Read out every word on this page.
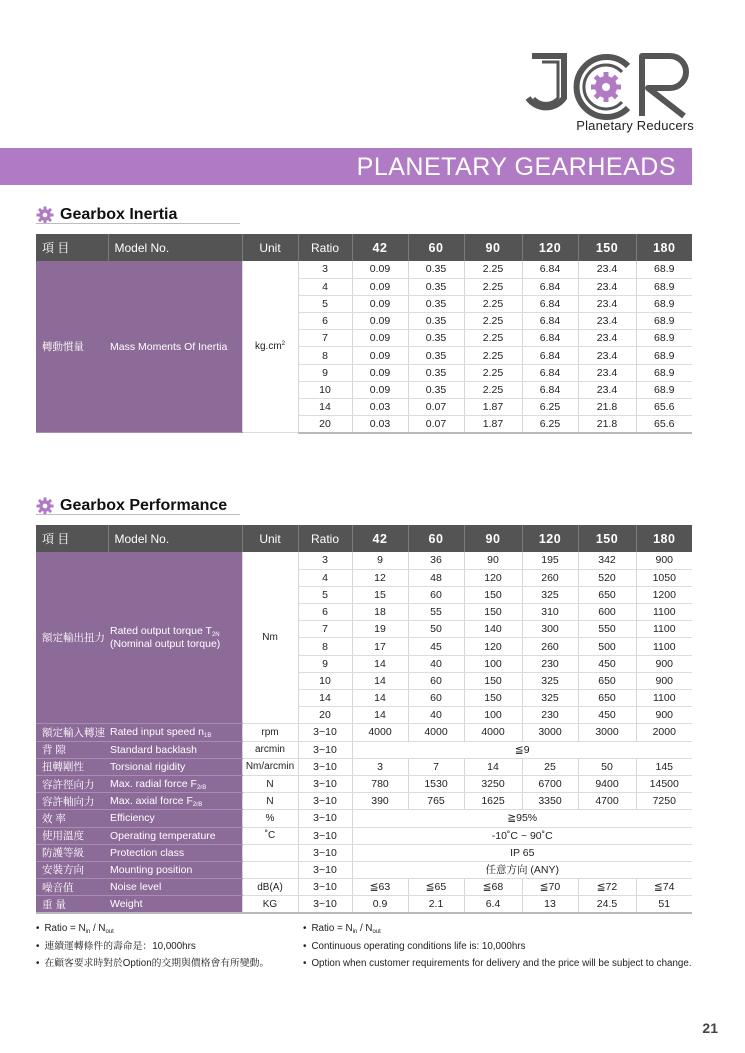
Planetary Reducers
PLANETARY GEARHEADS
Gearbox Inertia
項 目	Model No.	Unit	Ratio	42	60	90	120	150	180
轉動慣量	Mass Moments Of Inertia	$kg.cm^2$	3	0.09	0.35	2.25	6.84	23.4	68.9
			4	0.09	0.35	2.25	6.84	23.4	68.9
			5	0.09	0.35	2.25	6.84	23.4	68.9
			6	0.09	0.35	2.25	6.84	23.4	68.9
			7	0.09	0.35	2.25	6.84	23.4	68.9
			8	0.09	0.35	2.25	6.84	23.4	68.9
			9	0.09	0.35	2.25	6.84	23.4	68.9
			10	0.09	0.35	2.25	6.84	23.4	68.9
			14	0.03	0.07	1.87	6.25	21.8	65.6
			20	0.03	0.07	1.87	6.25	21.8	65.6
Gearbox Performance
項 目	Model No.	Unit	Ratio	42	60	90	120	150	180
額定輸出扭力	Rated output torque $T_{2N}$
(Nominal output torque)	Nm	3	9	36	90	195	342	900
			4	12	48	120	260	520	1050
			5	15	60	150	325	650	1200
			6	18	55	150	310	600	1100
			7	19	50	140	300	550	1100
			8	17	45	120	260	500	1100
			9	14	40	100	230	450	900
			10	14	60	150	325	650	900
			14	14	60	150	325	650	1100
			20	14	40	100	230	450	900
額定輸入轉速	Rated input speed $n_{1B}$	rpm	3~10	4000	4000	4000	3000	3000	2000
背 隙	Standard backlash	arcmin	3~10	≦9					
扭轉剛性	Torsional rigidity	Nm/arcmin	3~10	3	7	14	25	50	145
容許徑向力	Max. radial force $F_{2rB}$	N	3~10	780	1530	3250	6700	9400	14500
容許軸向力	Max. axial force $F_{2rB}$	N	3~10	390	765	1625	3350	4700	7250
效 率	Efficiency	%	3~10	≧95%					
使用溫度	Operating temperature	˚C	3~10	-10˚C ~ 90˚C					
防護等級	Protection class		3~10	IP 65					
安裝方向	Mounting position		3~10	任意方向 (ANY)					
噪音值	Noise level	dB(A)	3~10	≦63	≦65	≦68	≦70	≦72	≦74
重 量	Weight	KG	3~10	0.9	2.1	6.4	13	24.5	51
• Ratio = $N_{in} / N_{out}$
• 連續運轉條件的壽命是：10,000hrs
• 在顧客要求時對於Option的交期與價格會有所變動。
• Ratio = $N_{in} / N_{out}$
• Continuous operating conditions life is: 10,000hrs
• Option when customer requirements for delivery and the price will be subject to change.
21
